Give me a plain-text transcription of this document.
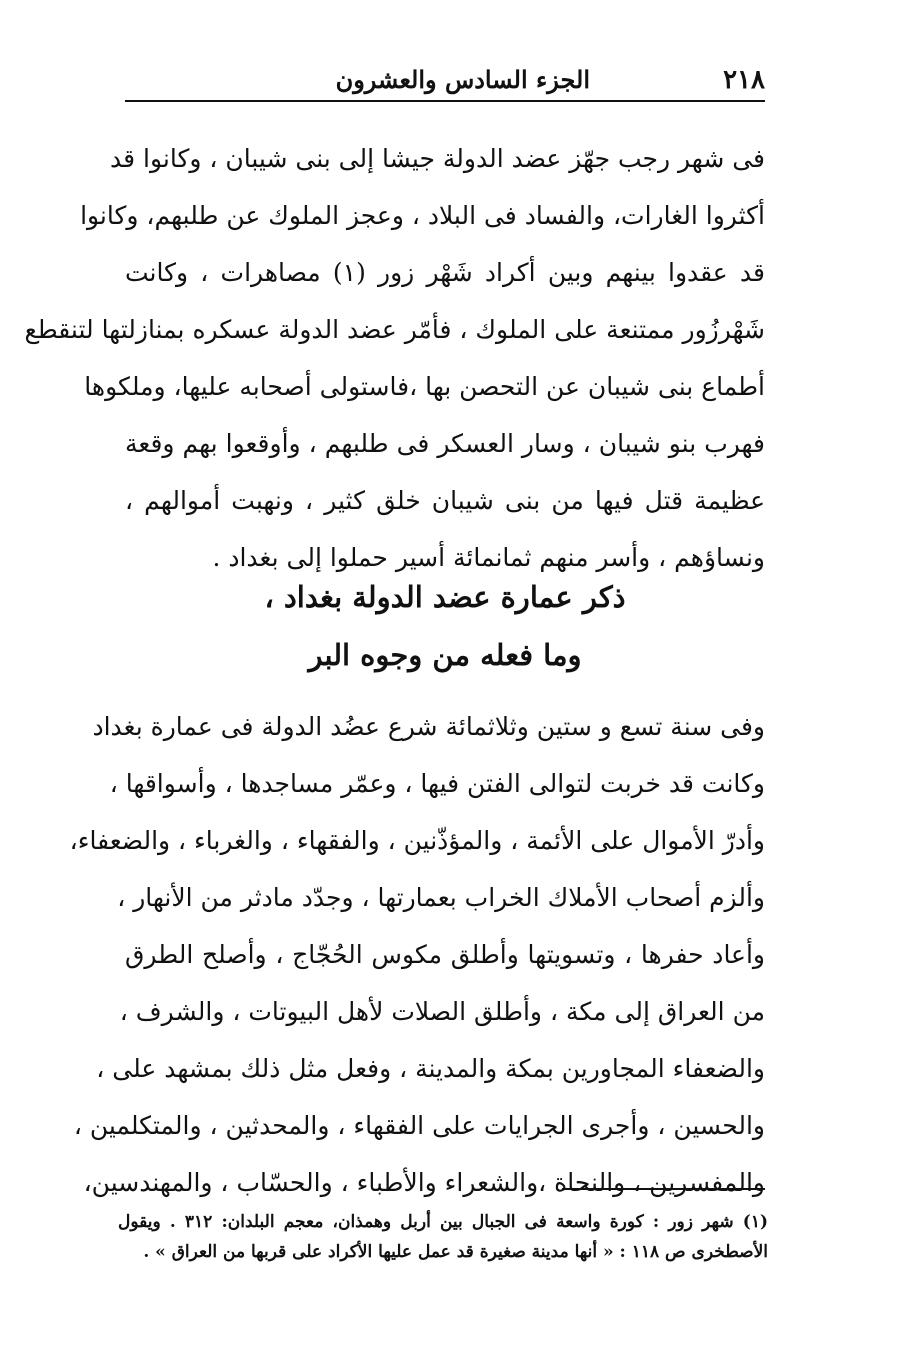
٢١٨
الجزء السادس والعشرون

فى شهر رجب جهّز عضد الدولة جيشا إلى بنى شيبان ، وكانوا قد
أكثروا الغارات، والفساد فى البلاد ، وعجز الملوك عن طلبهم، وكانوا
قد عقدوا بينهم وبين أكراد شَهْر زور (١) مصاهرات ، وكانت
شَهْرزُور ممتنعة على الملوك ، فأمّر عضد الدولة عسكره بمنازلتها لتنقطع
أطماع بنى شيبان عن التحصن بها ،فاستولى أصحابه عليها، وملكوها
فهرب بنو شيبان ، وسار العسكر فى طلبهم ، وأوقعوا بهم وقعة
عظيمة قتل فيها من بنى شيبان خلق كثير ، ونهبت أموالهم ،
ونساؤهم ، وأسر منهم ثمانمائة أسير حملوا إلى بغداد .

ذكر عمارة عضد الدولة بغداد ،
وما فعله من وجوه البر

وفى سنة تسع و ستين وثلاثمائة شرع عضُد الدولة فى عمارة بغداد
وكانت قد خربت لتوالى الفتن فيها ، وعمّر مساجدها ، وأسواقها ،
وأدرّ الأموال على الأئمة ، والمؤذّنين ، والفقهاء ، والغرباء ، والضعفاء،
وألزم أصحاب الأملاك الخراب بعمارتها ، وجدّد مادثر من الأنهار ،
وأعاد حفرها ، وتسويتها وأطلق مكوس الحُجّاج ، وأصلح الطرق
من العراق إلى مكة ، وأطلق الصلات لأهل البيوتات ، والشرف ،
والضعفاء المجاورين بمكة والمدينة ، وفعل مثل ذلك بمشهد على ،
والحسين ، وأجرى الجرايات على الفقهاء ، والمحدثين ، والمتكلمين ،
والمفسرين ، والنحاة ،والشعراء والأطباء ، والحسّاب ، والمهندسين،

(١) شهر زور : كورة واسعة فى الجبال بين أربل وهمذان، معجم البلدان: ٣١٢ . ويقول
الأصطخرى ص ١١٨ : « أنها مدينة صغيرة قد عمل عليها الأكراد على قربها من العراق » .
